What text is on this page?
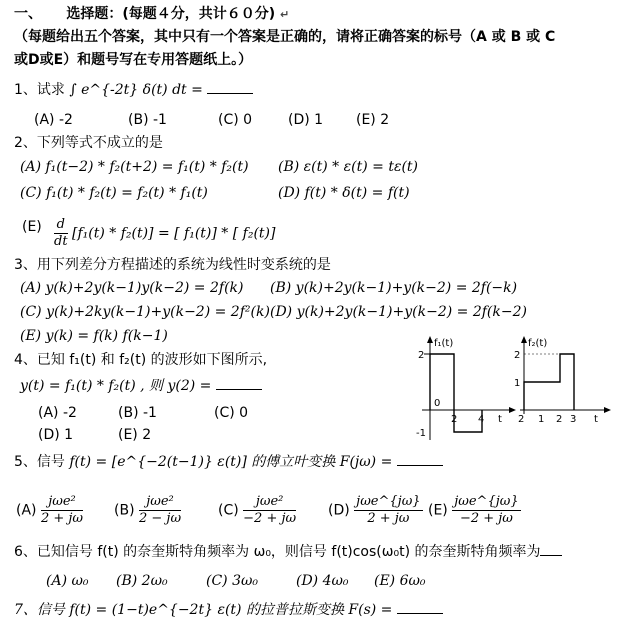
一、 选择题：(每题４分，共计６０分) ↵
（每题给出五个答案，其中只有一个答案是正确的，请将正确答案的标号（A 或 B 或 C
或D或E）和题号写在专用答题纸上。）
1、试求 ∫ e^{-2t} δ(t) dt =
(A) -2	(B) -1	(C) 0	(D) 1 (E) 2
2、下列等式不成立的是
(A) f₁(t−2) * f₂(t+2) = f₁(t) * f₂(t) (B) ε(t) * ε(t) = tε(t)
(C) f₁(t) * f₂(t) = f₂(t) * f₁(t)	(D) f(t) * δ(t) = f(t)
$(E) \frac{d}{dt} [f_1(t) * f_2(t)]$ = [ f₁(t)] * [ f₂(t)]
3、用下列差分方程描述的系统为线性时变系统的是
(A) y(k)+2y(k−1)y(k−2) = 2f(k) (B) y(k)+2y(k−1)+y(k−2) = 2f(−k)
(C) y(k)+2ky(k−1)+y(k−2) = 2f²(k) (D) y(k)+2y(k−1)+y(k−2) = 2f(k−2)
(E) y(k) = f(k) f(k−1)
4、已知 f₁(t) 和 f₂(t) 的波形如下图所示,
y(t) = f₁(t) * f₂(t) , 则 y(2) =
(A) -2	(B) -1	(C) 0
(D) 1	(E) 2
f₁(t)
2
0
-1
2 4 t
f₂(t)
2
1
2 1 2 3 t
5、信号 f(t) = [e^{−2(t−1)} ε(t)] 的傅立叶变换 F(jω) =
$(A) \frac{\text{jωe²}}{2 + j\omega} (B) \frac{\text{jωe²}}{2 - j\omega}$	$(C) \frac{\text{jωe²}}{-2 + j\omega} (D) \frac{\text{jωe\textasciicircum{}\{jω\}}}{2 + j\omega} (E) \frac{\text{jωe\textasciicircum{}\{jω\}}}{-2 + j\omega}$
6、已知信号 f(t) 的奈奎斯特角频率为 ω₀，则信号 f(t)cos(ω₀t) 的奈奎斯特角频率为
(A) ω₀ (B) 2ω₀	(C) 3ω₀	(D) 4ω₀ (E) 6ω₀
7、信号 f(t) = (1−t)e^{−2t} ε(t) 的拉普拉斯变换 F(s) =
